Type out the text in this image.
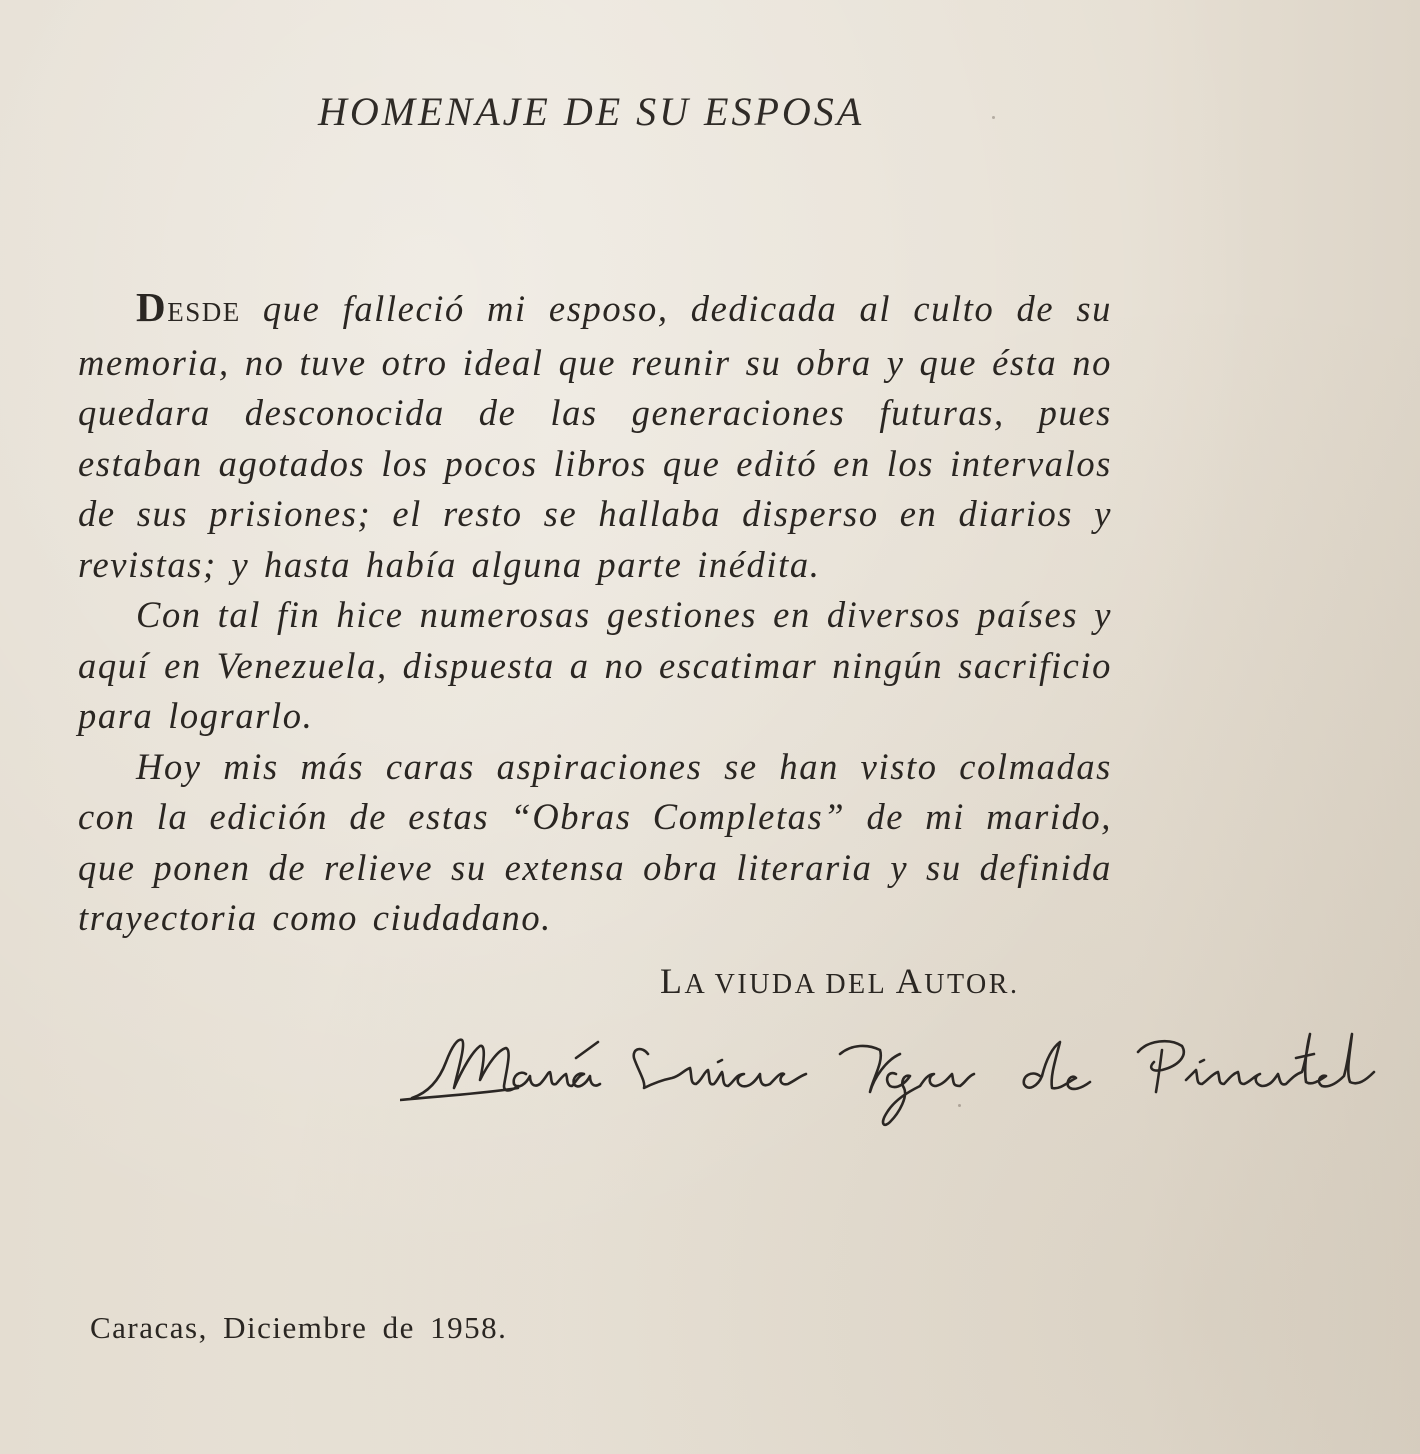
HOMENAJE DE SU ESPOSA

DESDE que falleció mi esposo, dedicada al culto de su memoria, no tuve otro ideal que reunir su obra y que ésta no quedara desconocida de las generaciones futuras, pues estaban agotados los pocos libros que editó en los intervalos de sus prisiones; el resto se hallaba disperso en diarios y revistas; y hasta había alguna parte inédita.

Con tal fin hice numerosas gestiones en diversos países y aquí en Venezuela, dispuesta a no escatimar ningún sacrificio para lograrlo.

Hoy mis más caras aspiraciones se han visto colmadas con la edición de estas “Obras Completas” de mi marido, que ponen de relieve su extensa obra literaria y su definida trayectoria como ciudadano.

LA VIUDA DEL AUTOR.
Caracas, Diciembre de 1958.
